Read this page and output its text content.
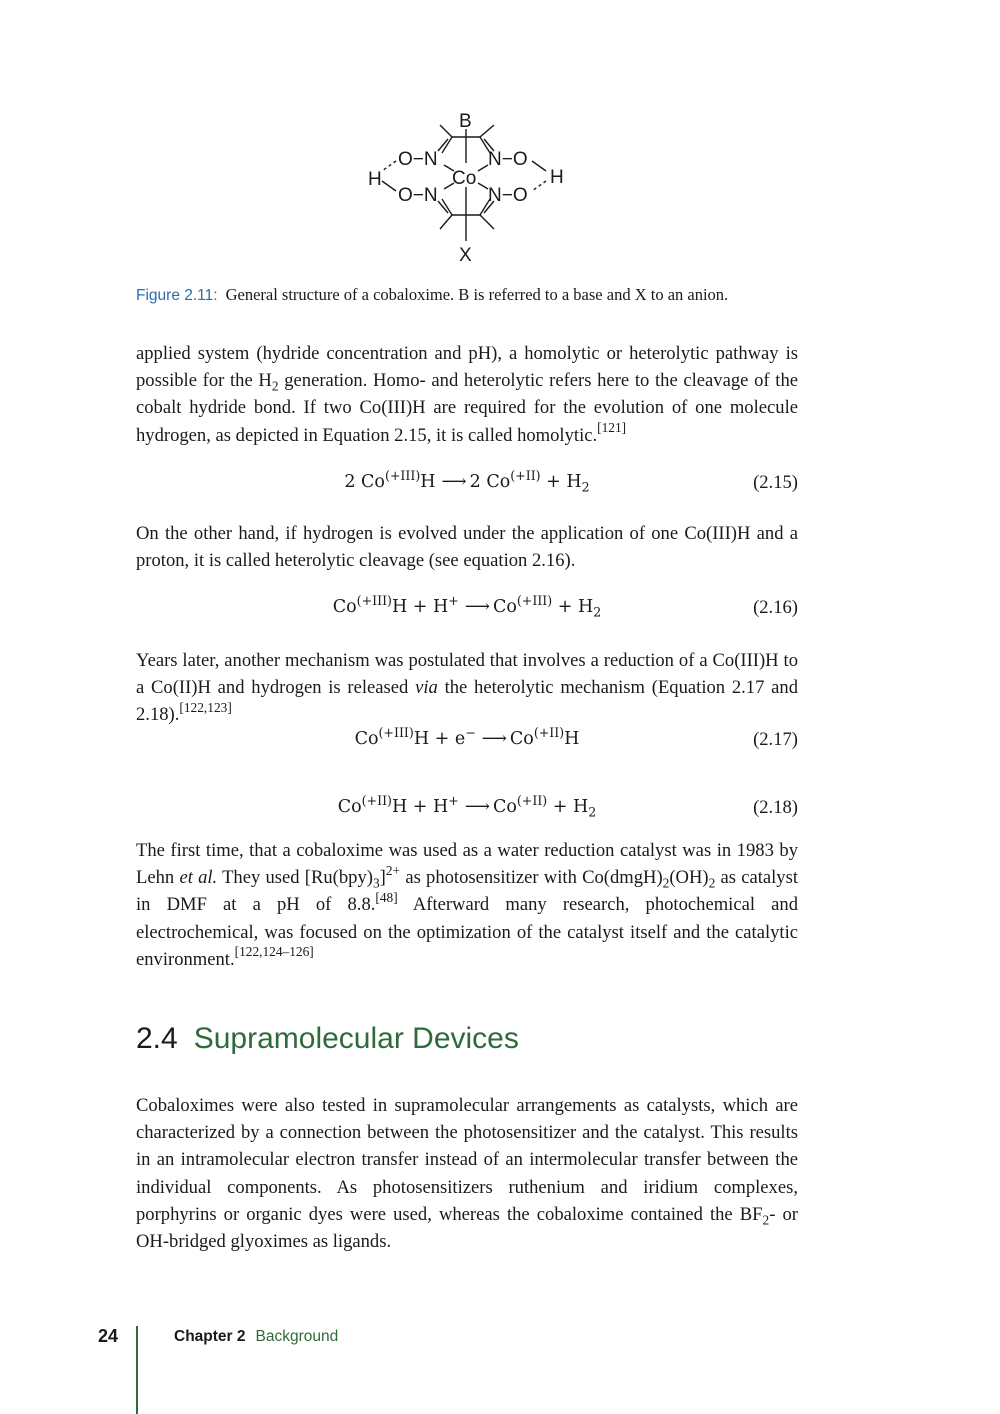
B
X
Co
O−N	N−O
O−N	N−O
H	H
Figure 2.11: General structure of a cobaloxime. B is referred to a base and X to an anion.

applied system (hydride concentration and pH), a homolytic or heterolytic pathway is possible for the $H_2$ generation. Homo- and heterolytic refers here to the cleavage of the cobalt hydride bond. If two Co(III)H are required for the evolution of one molecule hydrogen, as depicted in Equation 2.15, it is called homolytic.[121]

2 $Co^{(+III)}H$ ⟶ 2 $Co^{(+II)} + H_2$	(2.15)

On the other hand, if hydrogen is evolved under the application of one Co(III)H and a proton, it is called heterolytic cleavage (see equation 2.16).

$Co^{(+III)}H + H^+$ ⟶ $Co^{(+III)} + H_2$	(2.16)

Years later, another mechanism was postulated that involves a reduction of a Co(III)H to a Co(II)H and hydrogen is released via the heterolytic mechanism (Equation 2.17 and 2.18).[122,123]

$Co^{(+III)}H + e^-$ ⟶ $Co^{(+II)}H$	(2.17)
$Co^{(+II)}H + H^+$ ⟶ $Co^{(+II)} + H_2$	(2.18)

The first time, that a cobaloxime was used as a water reduction catalyst was in 1983 by Lehn et al. They used $[Ru(bpy)_3]^{2+}$ as photosensitizer with $Co(dmgH)_2(OH)_2$ as catalyst in DMF at a pH of 8.8.[48] Afterward many research, photochemical and electrochemical, was focused on the optimization of the catalyst itself and the catalytic environment.[122,124–126]

2.4 Supramolecular Devices

Cobaloximes were also tested in supramolecular arrangements as catalysts, which are characterized by a connection between the photosensitizer and the catalyst. This results in an intramolecular electron transfer instead of an intermolecular transfer between the individual components. As photosensitizers ruthenium and iridium complexes, porphyrins or organic dyes were used, whereas the cobaloxime contained the $BF_2-$ or OH-bridged glyoximes as ligands.

24	Chapter 2 Background
